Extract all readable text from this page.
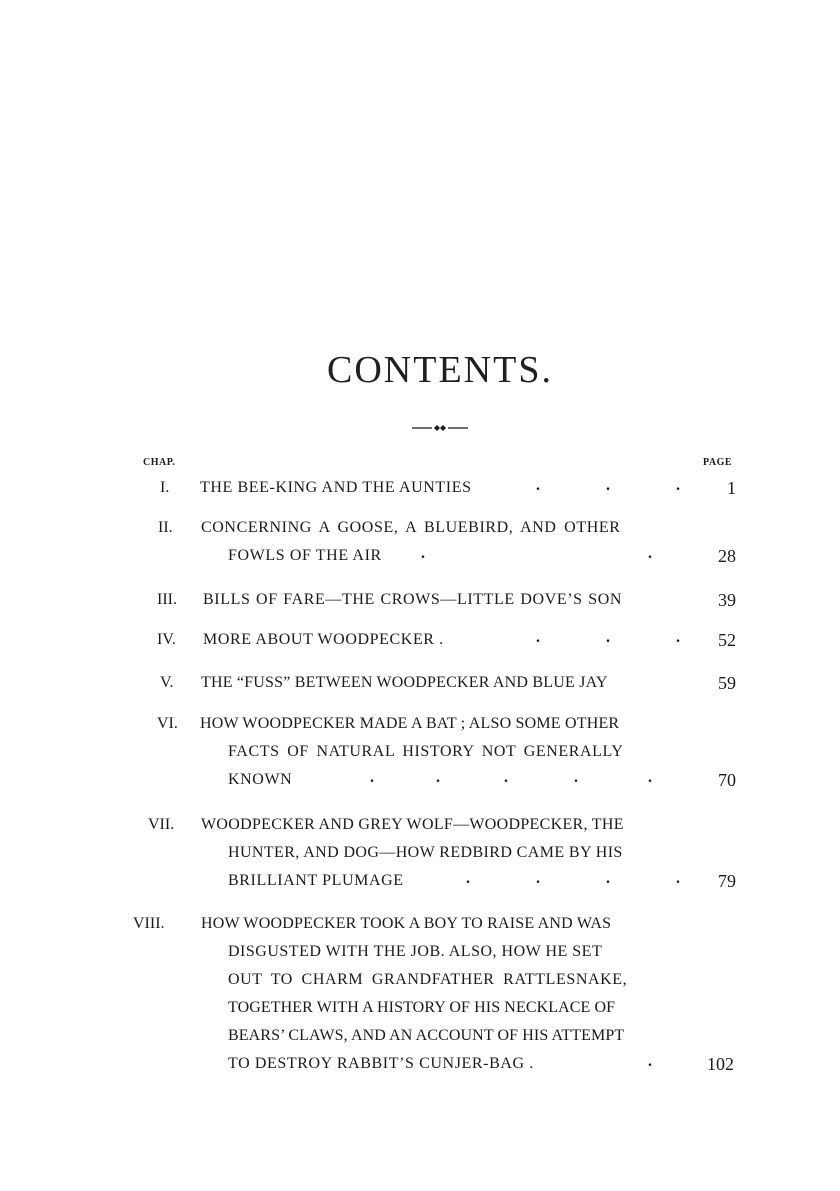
CONTENTS.
CHAP.	PAGE
I. THE BEE-KING AND THE AUNTIES	.	.	.	1
II. CONCERNING A GOOSE, A BLUEBIRD, AND OTHER
FOWLS OF THE AIR .	.	28
III. BILLS OF FARE—THE CROWS—LITTLE DOVE’S SON	39
IV. MORE ABOUT WOODPECKER .	.	.	.	52
V. THE “FUSS” BETWEEN WOODPECKER AND BLUE JAY	59
VI. HOW WOODPECKER MADE A BAT ; ALSO SOME OTHER
FACTS OF NATURAL HISTORY NOT GENERALLY
KNOWN	.	.	.	.	.	70
VII. WOODPECKER AND GREY WOLF—WOODPECKER, THE
HUNTER, AND DOG—HOW REDBIRD CAME BY HIS
BRILLIANT PLUMAGE	.	.	.	.	79
VIII. HOW WOODPECKER TOOK A BOY TO RAISE AND WAS
DISGUSTED WITH THE JOB. ALSO, HOW HE SET
OUT TO CHARM GRANDFATHER RATTLESNAKE,
TOGETHER WITH A HISTORY OF HIS NECKLACE OF
BEARS’ CLAWS, AND AN ACCOUNT OF HIS ATTEMPT
TO DESTROY RABBIT’S CUNJER-BAG .	.	102
